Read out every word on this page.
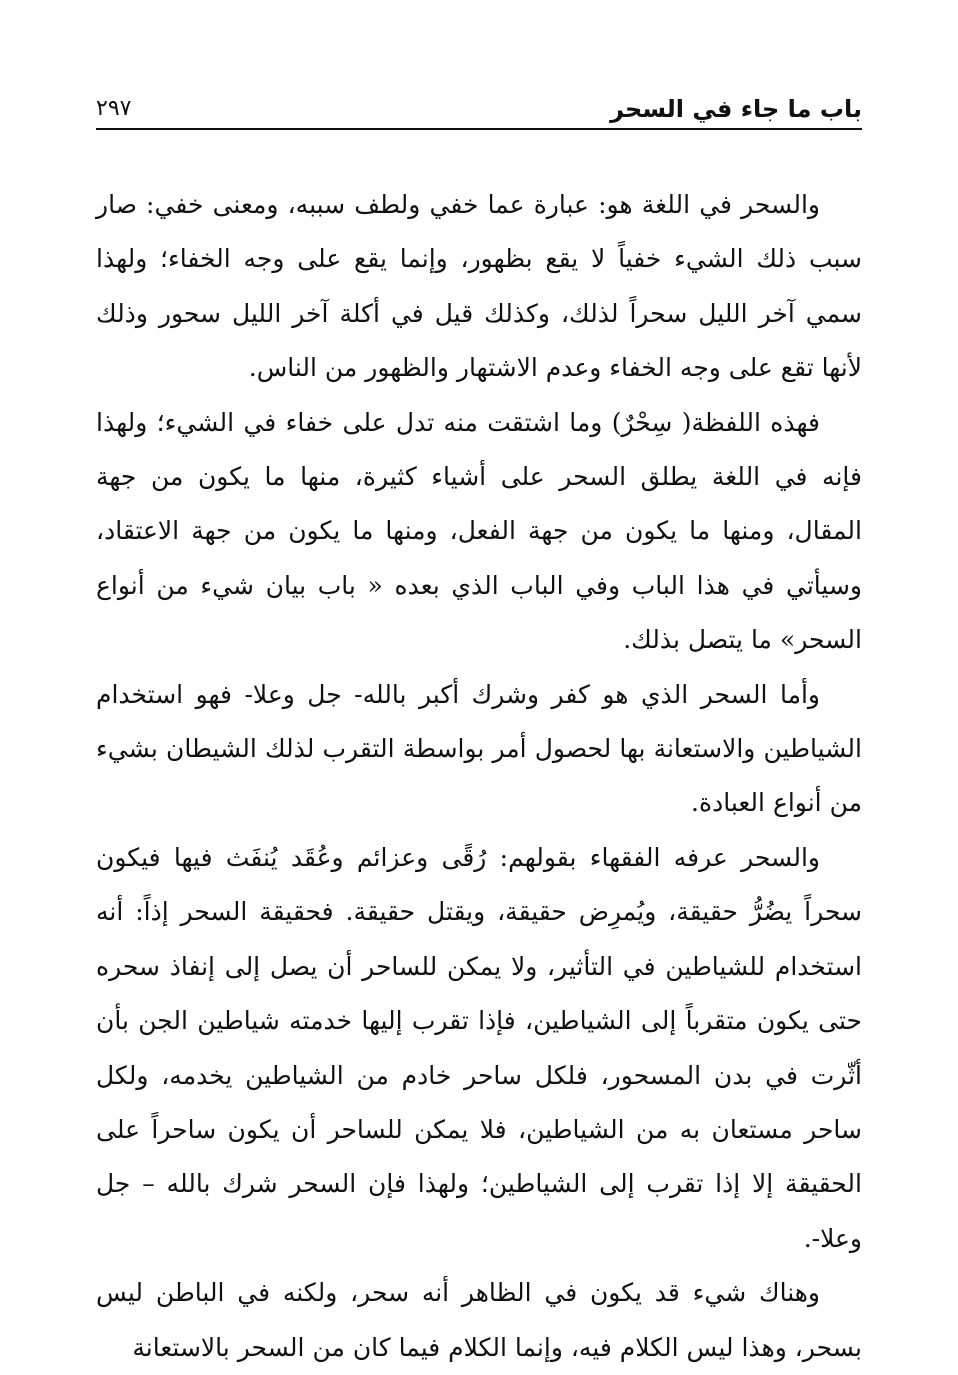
باب ما جاء في السحر
٢٩٧

والسحر في اللغة هو: عبارة عما خفي ولطف سببه، ومعنى خفي: صار سبب ذلك الشيء خفياً لا يقع بظهور، وإنما يقع على وجه الخفاء؛ ولهذا سمي آخر الليل سحراً لذلك، وكذلك قيل في أكلة آخر الليل سحور وذلك لأنها تقع على وجه الخفاء وعدم الاشتهار والظهور من الناس.

فهذه اللفظة( سِحْرٌ) وما اشتقت منه تدل على خفاء في الشيء؛ ولهذا فإنه في اللغة يطلق السحر على أشياء كثيرة، منها ما يكون من جهة المقال، ومنها ما يكون من جهة الفعل، ومنها ما يكون من جهة الاعتقاد، وسيأتي في هذا الباب وفي الباب الذي بعده « باب بيان شيء من أنواع السحر» ما يتصل بذلك.

وأما السحر الذي هو كفر وشرك أكبر بالله- جل وعلا- فهو استخدام الشياطين والاستعانة بها لحصول أمر بواسطة التقرب لذلك الشيطان بشيء من أنواع العبادة.

والسحر عرفه الفقهاء بقولهم: رُقًى وعزائم وعُقَد يُنفَث فيها فيكون سحراً يضُرُّ حقيقة، ويُمرِض حقيقة، ويقتل حقيقة. فحقيقة السحر إذاً: أنه استخدام للشياطين في التأثير، ولا يمكن للساحر أن يصل إلى إنفاذ سحره حتى يكون متقرباً إلى الشياطين، فإذا تقرب إليها خدمته شياطين الجن بأن أثّرت في بدن المسحور، فلكل ساحر خادم من الشياطين يخدمه، ولكل ساحر مستعان به من الشياطين، فلا يمكن للساحر أن يكون ساحراً على الحقيقة إلا إذا تقرب إلى الشياطين؛ ولهذا فإن السحر شرك بالله – جل وعلا-.

وهناك شيء قد يكون في الظاهر أنه سحر، ولكنه في الباطن ليس بسحر، وهذا ليس الكلام فيه، وإنما الكلام فيما كان من السحر بالاستعانة
